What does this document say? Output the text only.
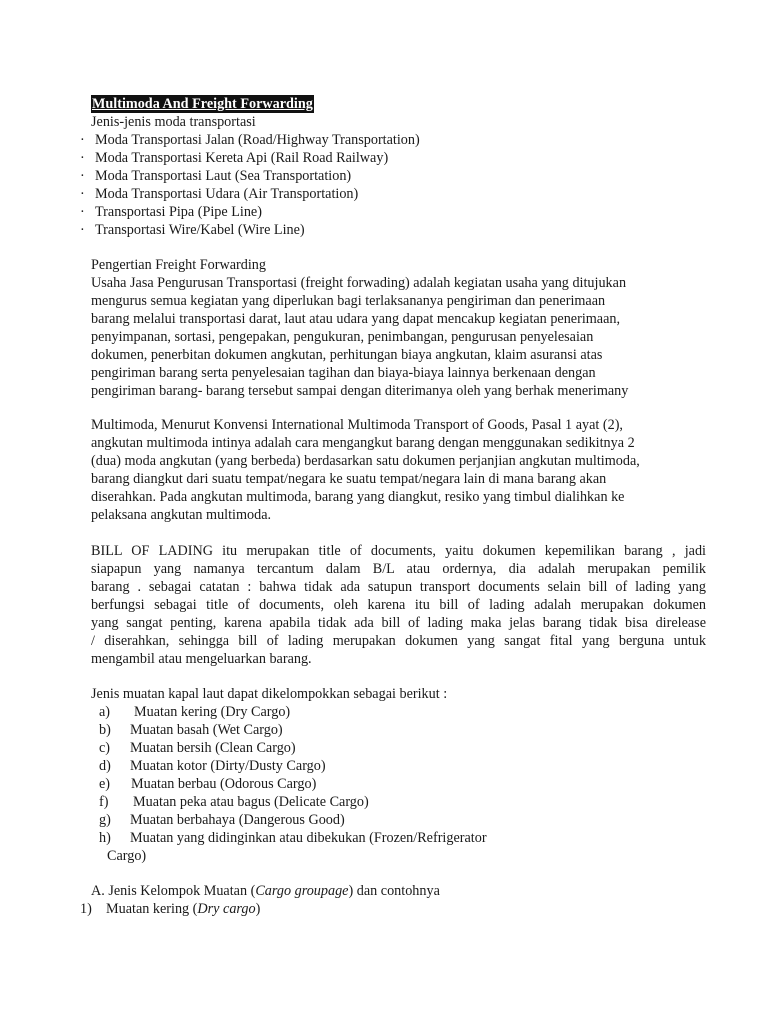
Multimoda And Freight Forwarding
Jenis-jenis moda transportasi
· Moda Transportasi Jalan (Road/Highway Transportation)
· Moda Transportasi Kereta Api (Rail Road Railway)
· Moda Transportasi Laut (Sea Transportation)
· Moda Transportasi Udara (Air Transportation)
· Transportasi Pipa (Pipe Line)
· Transportasi Wire/Kabel (Wire Line)
Pengertian Freight Forwarding
Usaha Jasa Pengurusan Transportasi (freight forwading) adalah kegiatan usaha yang ditujukan
mengurus semua kegiatan yang diperlukan bagi terlaksananya pengiriman dan penerimaan
barang melalui transportasi darat, laut atau udara yang dapat mencakup kegiatan penerimaan,
penyimpanan, sortasi, pengepakan, pengukuran, penimbangan, pengurusan penyelesaian
dokumen, penerbitan dokumen angkutan, perhitungan biaya angkutan, klaim asuransi atas
pengiriman barang serta penyelesaian tagihan dan biaya-biaya lainnya berkenaan dengan
pengiriman barang- barang tersebut sampai dengan diterimanya oleh yang berhak menerimany
Multimoda, Menurut Konvensi International Multimoda Transport of Goods, Pasal 1 ayat (2),
angkutan multimoda intinya adalah cara mengangkut barang dengan menggunakan sedikitnya 2
(dua) moda angkutan (yang berbeda) berdasarkan satu dokumen perjanjian angkutan multimoda,
barang diangkut dari suatu tempat/negara ke suatu tempat/negara lain di mana barang akan
diserahkan. Pada angkutan multimoda, barang yang diangkut, resiko yang timbul dialihkan ke
pelaksana angkutan multimoda.
BILL OF LADING itu merupakan title of documents, yaitu dokumen kepemilikan barang , jadi
siapapun yang namanya tercantum dalam B/L atau ordernya, dia adalah merupakan pemilik
barang . sebagai catatan : bahwa tidak ada satupun transport documents selain bill of lading yang
berfungsi sebagai title of documents, oleh karena itu bill of lading adalah merupakan dokumen
yang sangat penting, karena apabila tidak ada bill of lading maka jelas barang tidak bisa direlease
/ diserahkan, sehingga bill of lading merupakan dokumen yang sangat fital yang berguna untuk
mengambil atau mengeluarkan barang.
Jenis muatan kapal laut dapat dikelompokkan sebagai berikut :
a) Muatan kering (Dry Cargo)
b) Muatan basah (Wet Cargo)
c) Muatan bersih (Clean Cargo)
d) Muatan kotor (Dirty/Dusty Cargo)
e) Muatan berbau (Odorous Cargo)
f) Muatan peka atau bagus (Delicate Cargo)
g) Muatan berbahaya (Dangerous Good)
h) Muatan yang didinginkan atau dibekukan (Frozen/Refrigerator
Cargo)
A. Jenis Kelompok Muatan (Cargo groupage) dan contohnya
1) Muatan kering (Dry cargo)
